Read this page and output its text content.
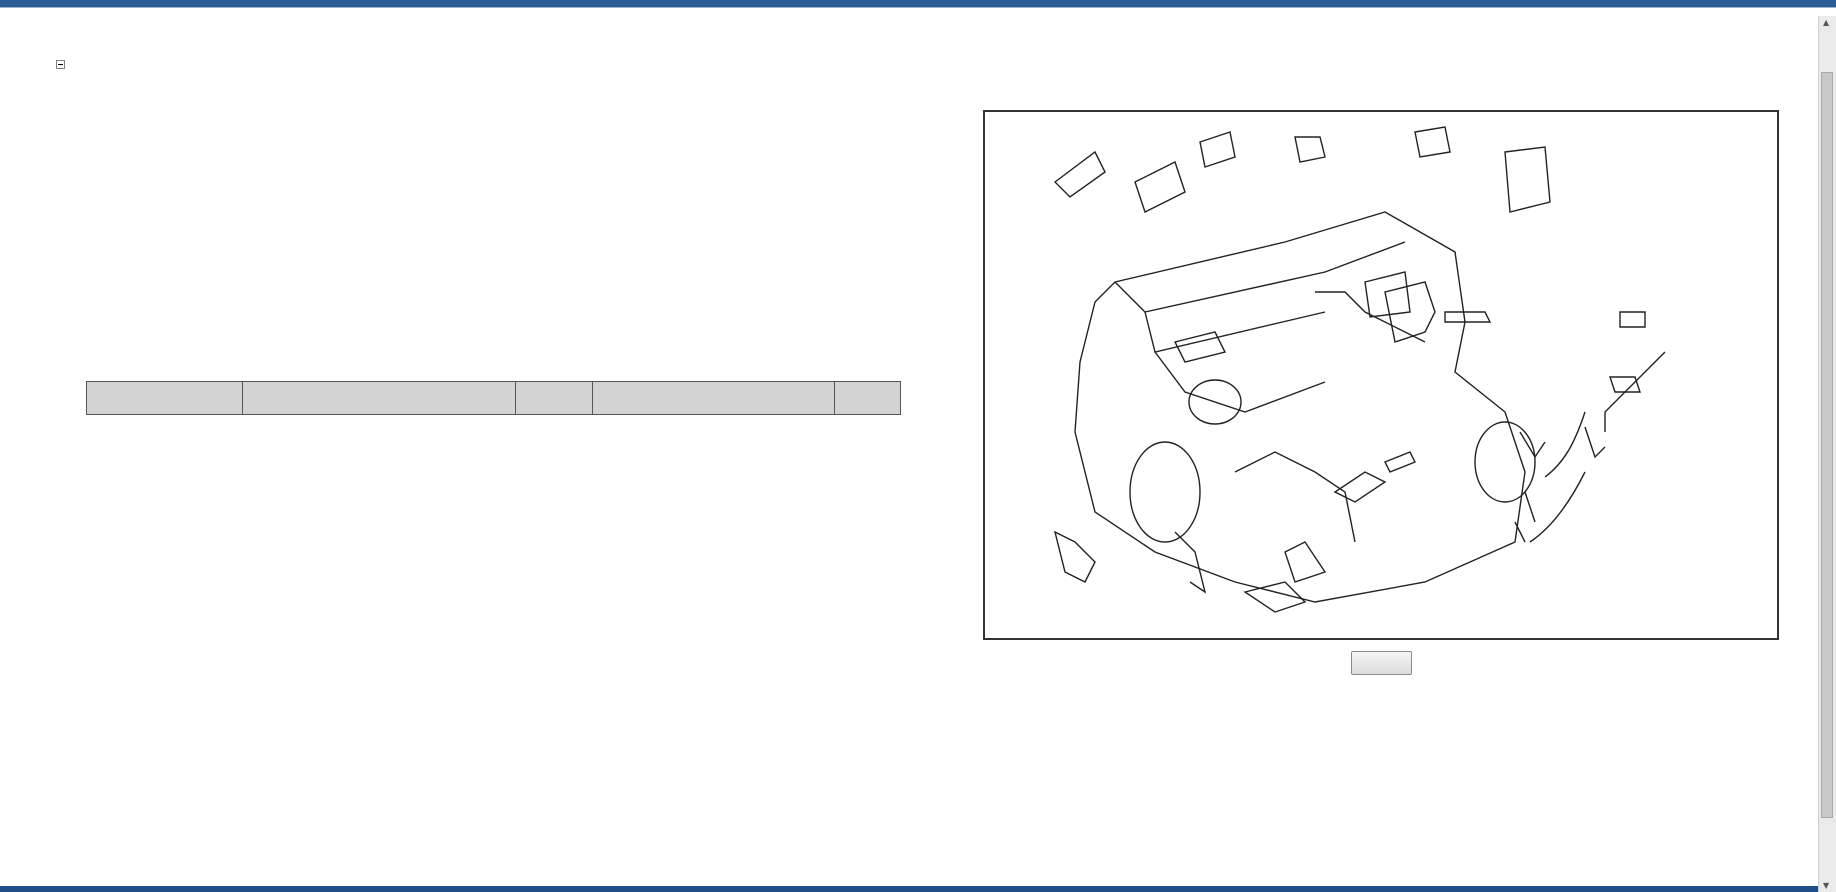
▲
▼
